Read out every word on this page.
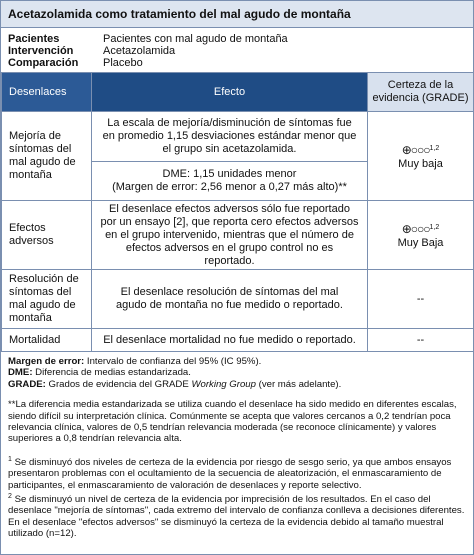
Acetazolamida como tratamiento del mal agudo de montaña
Pacientes	Pacientes con mal agudo de montaña
Intervención	Acetazolamida
Comparación Placebo
Desenlaces	Efecto	Certeza de la evidencia (GRADE)
Mejoría de síntomas del mal agudo de montaña	La escala de mejoría/disminución de síntomas fue en promedio 1,15 desviaciones estándar menor que el grupo sin acetazolamida.	⊕○○○$^{1,2}$
Muy baja

	DME: 1,15 unidades menor
(Margen de error: 2,56 menor a 0,27 más alto)**	

Efectos adversos	El desenlace efectos adversos sólo fue reportado por un ensayo [2], que reporta cero efectos adversos en el grupo intervenido, mientras que el número de efectos adversos en el grupo control no es reportado.	⊕○○○$^{1,2}$
Muy Baja

Resolución de síntomas del mal agudo de montaña	El desenlace resolución de síntomas del mal agudo de montaña no fue medido o reportado.	--
Mortalidad	El desenlace mortalidad no fue medido o reportado.	--

Margen de error: Intervalo de confianza del 95% (IC 95%).

DME: Diferencia de medias estandarizada.

GRADE: Grados de evidencia del GRADE Working Group (ver más adelante).

**La diferencia media estandarizada se utiliza cuando el desenlace ha sido medido en diferentes escalas, siendo difícil su interpretación clínica. Comúnmente se acepta que valores cercanos a 0,2 tendrían poca relevancia clínica, valores de 0,5 tendrían relevancia moderada (se reconoce clínicamente) y valores superiores a 0,8 tendrían relevancia alta.

$^1$ Se disminuyó dos niveles de certeza de la evidencia por riesgo de sesgo serio, ya que ambos ensayos presentaron problemas con el ocultamiento de la secuencia de aleatorización, el enmascaramiento de participantes, el enmascaramiento de valoración de desenlaces y reporte selectivo.

$^2$ Se disminuyó un nivel de certeza de la evidencia por imprecisión de los resultados. En el caso del desenlace "mejoría de síntomas", cada extremo del intervalo de confianza conlleva a decisiones diferentes. En el desenlace "efectos adversos" se disminuyó la certeza de la evidencia debido al tamaño muestral utilizado (n=12).
